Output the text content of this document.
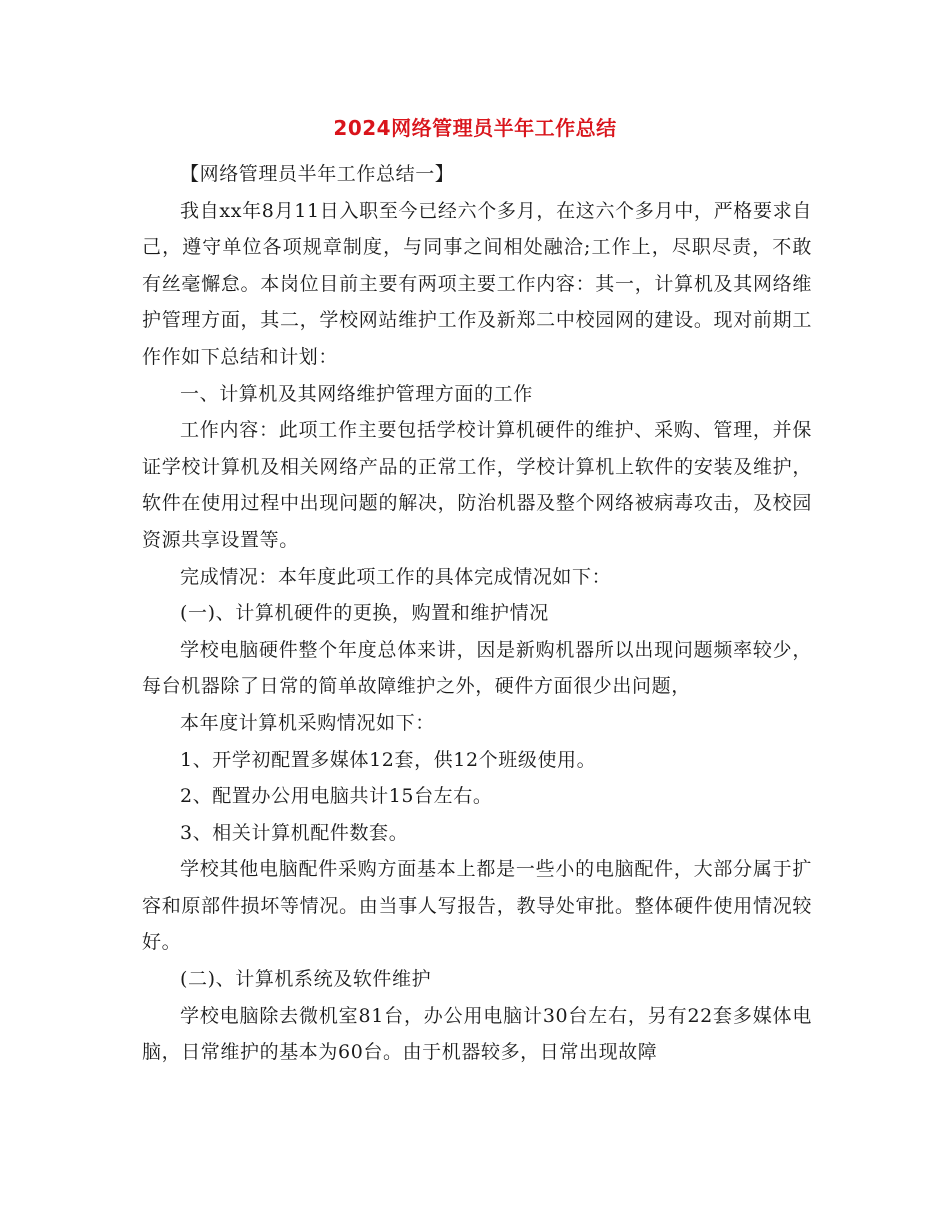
2024网络管理员半年工作总结

【网络管理员半年工作总结一】

我自xx年8月11日入职至今已经六个多月，在这六个多月中，严格要求自己，遵守单位各项规章制度，与同事之间相处融洽;工作上，尽职尽责，不敢有丝毫懈怠。本岗位目前主要有两项主要工作内容：其一，计算机及其网络维护管理方面，其二，学校网站维护工作及新郑二中校园网的建设。现对前期工作作如下总结和计划：

一、计算机及其网络维护管理方面的工作

工作内容：此项工作主要包括学校计算机硬件的维护、采购、管理，并保证学校计算机及相关网络产品的正常工作，学校计算机上软件的安装及维护，软件在使用过程中出现问题的解决，防治机器及整个网络被病毒攻击，及校园资源共享设置等。

完成情况：本年度此项工作的具体完成情况如下：

(一)、计算机硬件的更换，购置和维护情况

学校电脑硬件整个年度总体来讲，因是新购机器所以出现问题频率较少，每台机器除了日常的简单故障维护之外，硬件方面很少出问题，

本年度计算机采购情况如下：

1、开学初配置多媒体12套，供12个班级使用。

2、配置办公用电脑共计15台左右。

3、相关计算机配件数套。

学校其他电脑配件采购方面基本上都是一些小的电脑配件，大部分属于扩容和原部件损坏等情况。由当事人写报告，教导处审批。整体硬件使用情况较好。

(二)、计算机系统及软件维护

学校电脑除去微机室81台，办公用电脑计30台左右，另有22套多媒体电脑，日常维护的基本为60台。由于机器较多，日常出现故障
